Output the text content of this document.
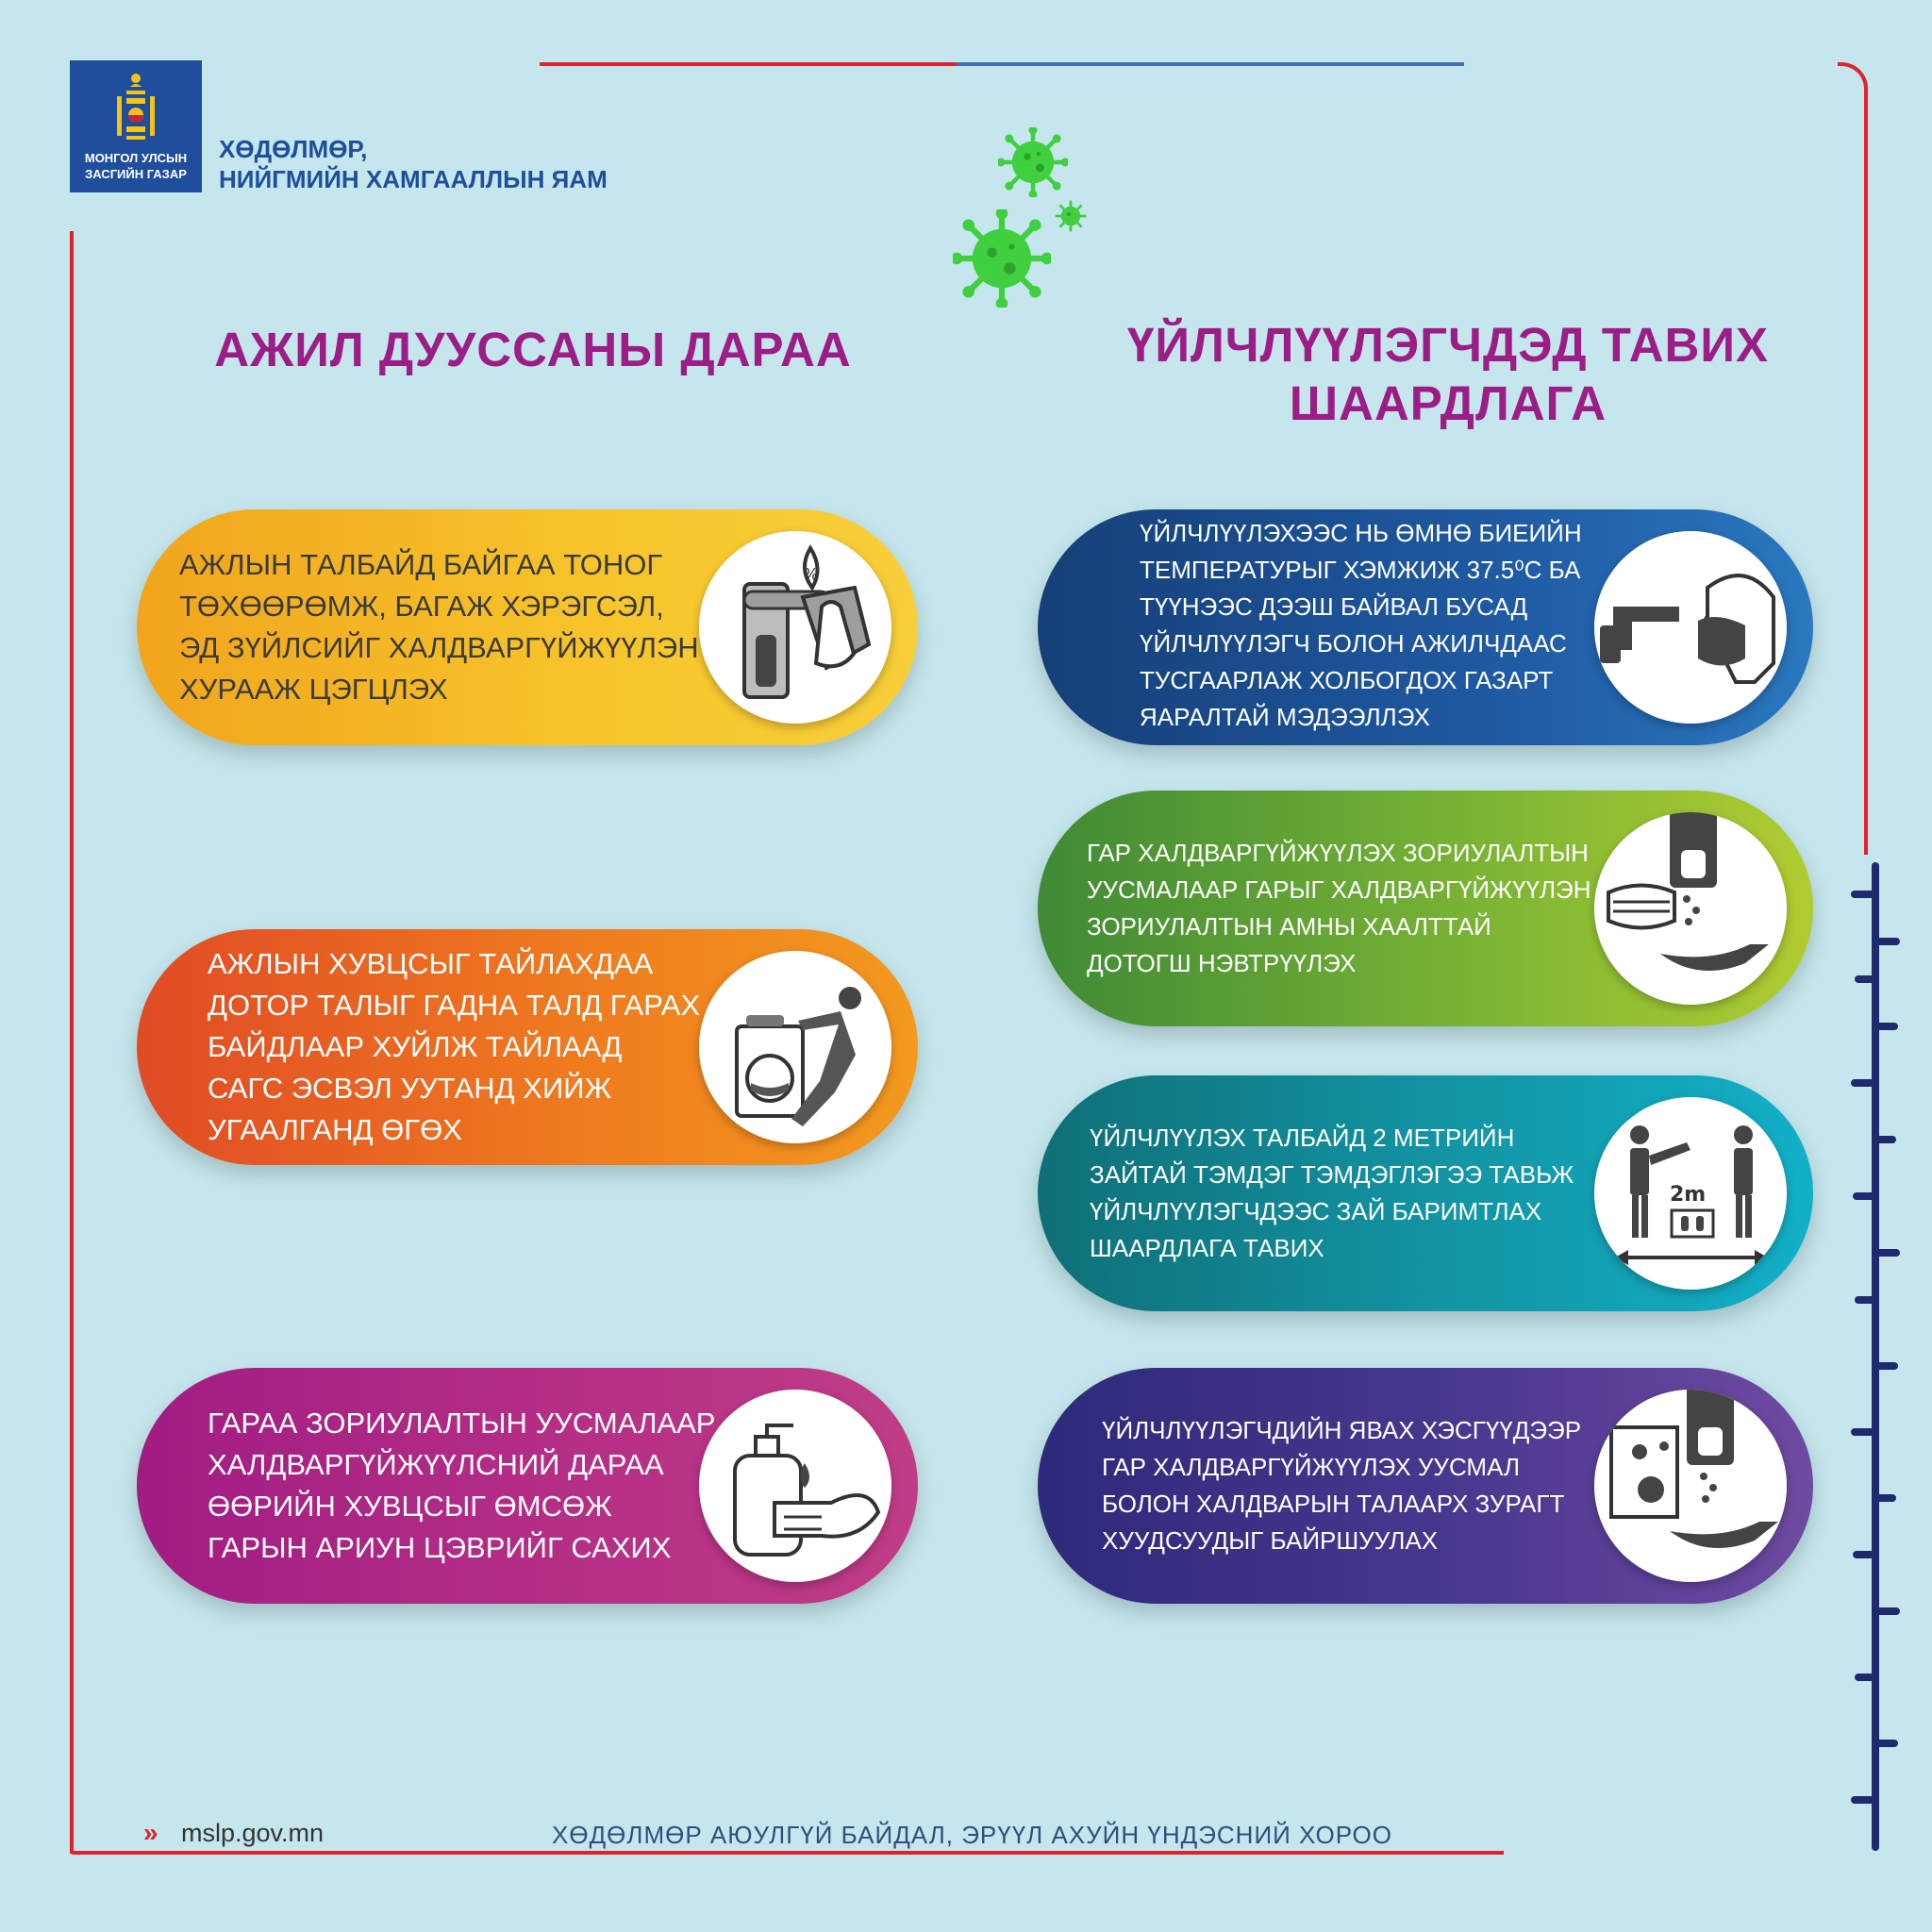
МОНГОЛ УЛСЫН
ЗАСГИЙН ГАЗАР
ХӨДӨЛМӨР,
НИЙГМИЙН ХАМГААЛЛЫН ЯАМ
АЖИЛ ДУУССАНЫ ДАРАА	ҮЙЛЧЛҮҮЛЭГЧДЭД ТАВИХ
ШААРДЛАГА
АЖЛЫН ТАЛБАЙД БАЙГАА ТОНОГ
ТӨХӨӨРӨМЖ, БАГАЖ ХЭРЭГСЭЛ,
ЭД ЗҮЙЛСИЙГ ХАЛДВАРГҮЙЖҮҮЛЭН
ХУРААЖ ЦЭГЦЛЭХ
%
АЖЛЫН ХУВЦСЫГ ТАЙЛАХДАА
ДОТОР ТАЛЫГ ГАДНА ТАЛД ГАРАХ
БАЙДЛААР ХУЙЛЖ ТАЙЛААД
САГС ЭСВЭЛ УУТАНД ХИЙЖ
УГААЛГАНД ӨГӨХ
ГАРАА ЗОРИУЛАЛТЫН УУСМАЛААР
ХАЛДВАРГҮЙЖҮҮЛСНИЙ ДАРАА
ӨӨРИЙН ХУВЦСЫГ ӨМСӨЖ
ГАРЫН АРИУН ЦЭВРИЙГ САХИХ
ҮЙЛЧЛҮҮЛЭХЭЭС НЬ ӨМНӨ БИЕИЙН
ТЕМПЕРАТУРЫГ ХЭМЖИЖ 37.5⁰С БА
ТҮҮНЭЭС ДЭЭШ БАЙВАЛ БУСАД
ҮЙЛЧЛҮҮЛЭГЧ БОЛОН АЖИЛЧДААС
ТУСГААРЛАЖ ХОЛБОГДОХ ГАЗАРТ
ЯАРАЛТАЙ МЭДЭЭЛЛЭХ
ГАР ХАЛДВАРГҮЙЖҮҮЛЭХ ЗОРИУЛАЛТЫН
УУСМАЛААР ГАРЫГ ХАЛДВАРГҮЙЖҮҮЛЭН
ЗОРИУЛАЛТЫН АМНЫ ХААЛТТАЙ
ДОТОГШ НЭВТРҮҮЛЭХ
ҮЙЛЧЛҮҮЛЭХ ТАЛБАЙД 2 МЕТРИЙН
ЗАЙТАЙ ТЭМДЭГ ТЭМДЭГЛЭГЭЭ ТАВЬЖ
ҮЙЛЧЛҮҮЛЭГЧДЭЭС ЗАЙ БАРИМТЛАХ
ШААРДЛАГА ТАВИХ
2m
ҮЙЛЧЛҮҮЛЭГЧДИЙН ЯВАХ ХЭСГҮҮДЭЭР
ГАР ХАЛДВАРГҮЙЖҮҮЛЭХ УУСМАЛ
БОЛОН ХАЛДВАРЫН ТАЛААРХ ЗУРАГТ
ХУУДСУУДЫГ БАЙРШУУЛАХ
» mslp.gov.mn	ХӨДӨЛМӨР АЮУЛГҮЙ БАЙДАЛ, ЭРҮҮЛ АХУЙН ҮНДЭСНИЙ ХОРОО
